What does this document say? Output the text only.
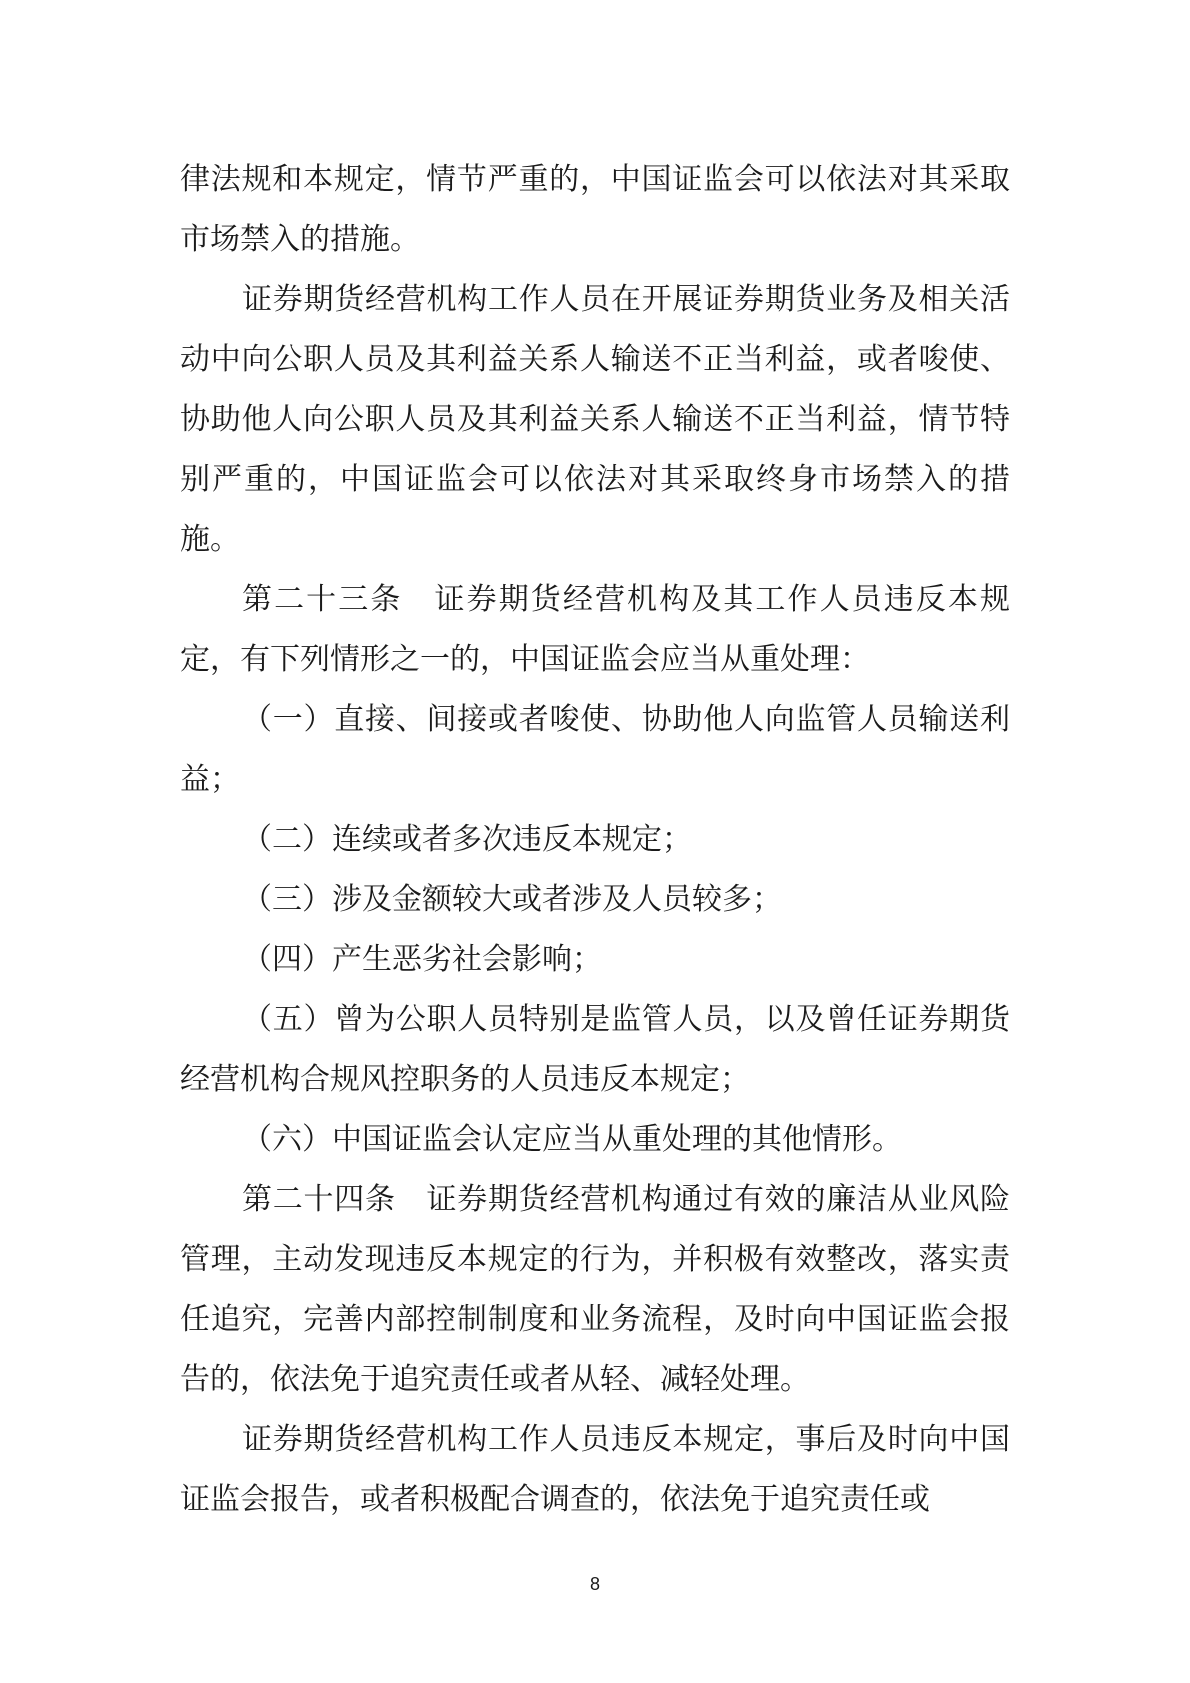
律法规和本规定，情节严重的，中国证监会可以依法对其采取市场禁入的措施。

证券期货经营机构工作人员在开展证券期货业务及相关活动中向公职人员及其利益关系人输送不正当利益，或者唆使、协助他人向公职人员及其利益关系人输送不正当利益，情节特别严重的，中国证监会可以依法对其采取终身市场禁入的措施。

第二十三条　证券期货经营机构及其工作人员违反本规定，有下列情形之一的，中国证监会应当从重处理：

（一）直接、间接或者唆使、协助他人向监管人员输送利益；

（二）连续或者多次违反本规定；

（三）涉及金额较大或者涉及人员较多；

（四）产生恶劣社会影响；

（五）曾为公职人员特别是监管人员，以及曾任证券期货经营机构合规风控职务的人员违反本规定；

（六）中国证监会认定应当从重处理的其他情形。

第二十四条　证券期货经营机构通过有效的廉洁从业风险管理，主动发现违反本规定的行为，并积极有效整改，落实责任追究，完善内部控制制度和业务流程，及时向中国证监会报告的，依法免于追究责任或者从轻、减轻处理。

证券期货经营机构工作人员违反本规定，事后及时向中国证监会报告，或者积极配合调查的，依法免于追究责任或

8
